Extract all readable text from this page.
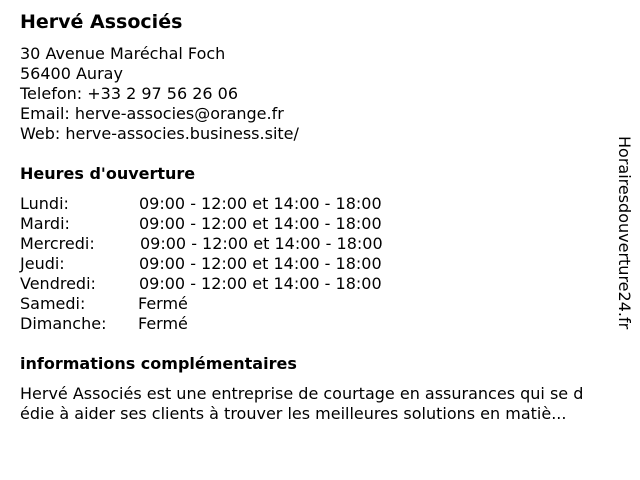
Hervé Associés
30 Avenue Maréchal Foch
56400 Auray
Telefon: +33 2 97 56 26 06
Email: herve-associes@orange.fr
Web: herve-associes.business.site/
Heures d'ouverture
Lundi:	09:00 - 12:00 et 14:00 - 18:00
Mardi:	09:00 - 12:00 et 14:00 - 18:00
Mercredi:	09:00 - 12:00 et 14:00 - 18:00
Jeudi:	09:00 - 12:00 et 14:00 - 18:00
Vendredi:	09:00 - 12:00 et 14:00 - 18:00
Samedi:	Fermé
Dimanche: Fermé
informations complémentaires
Hervé Associés est une entreprise de courtage en assurances qui se d
édie à aider ses clients à trouver les meilleures solutions en matiè...
Horairesdouverture24.fr
